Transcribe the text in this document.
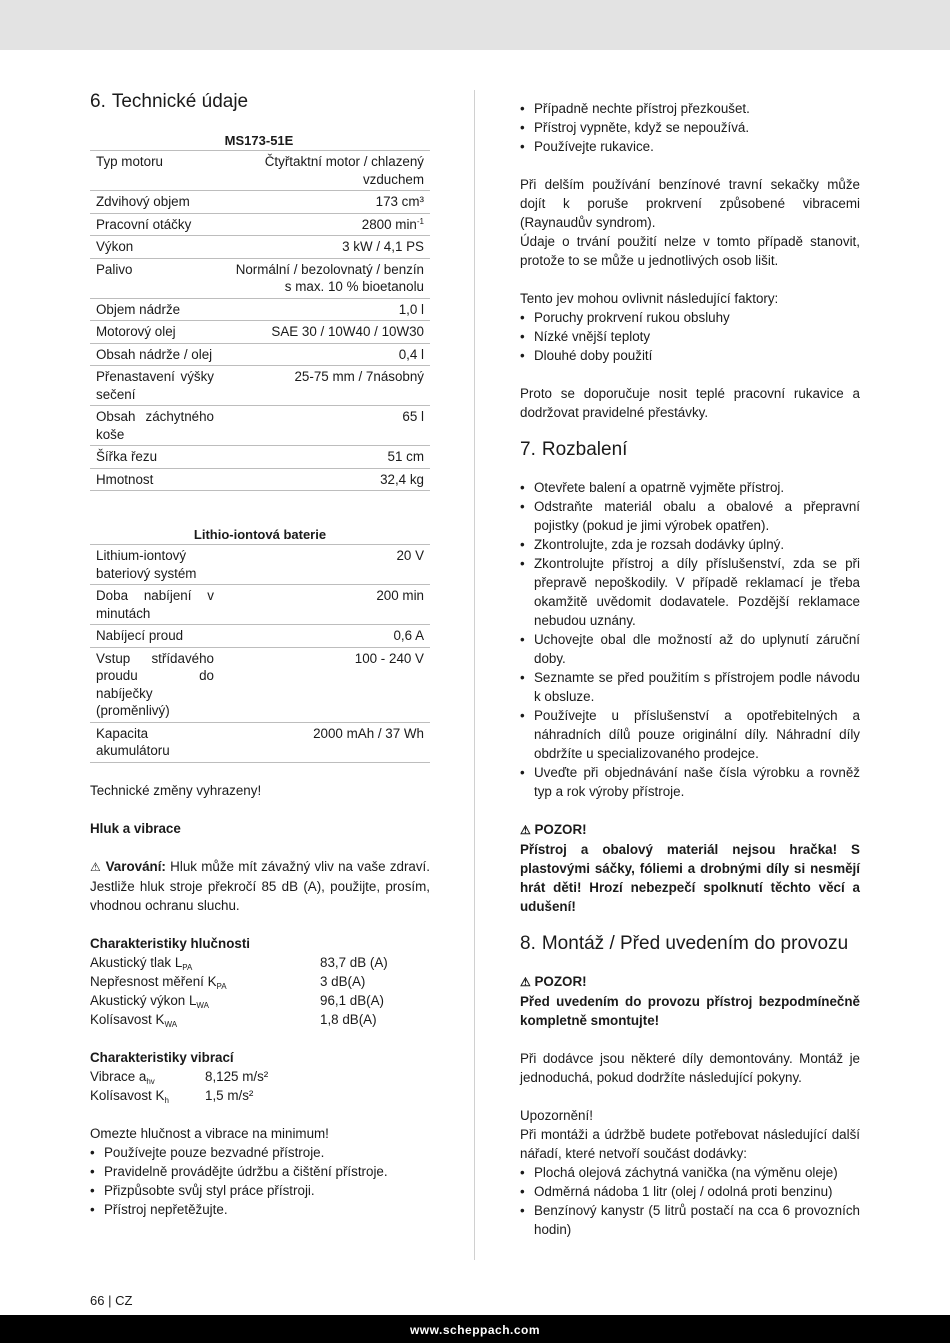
6. Technické údaje
MS173-51E
Typ motoru	Čtyřtaktní motor / chlazený vzduchem
Zdvihový objem	173 cm³
Pracovní otáčky	2800 $\min^{-1}$
Výkon	3 kW / 4,1 PS
Palivo	Normální / bezolovnatý / benzín s max. 10 % bioetanolu
Objem nádrže	1,0 l
Motorový olej	SAE 30 / 10W40 / 10W30
Obsah nádrže / olej	0,4 l
Přenastavení výšky sečení	25-75 mm / 7násobný
Obsah záchytného koše	65 l
Šířka řezu	51 cm
Hmotnost	32,4 kg
Lithio-iontová baterie
Lithium-iontový bateriový systém	20 V
Doba nabíjení v minutách	200 min
Nabíjecí proud	0,6 A
Vstup střídavého proudu do nabíječky (proměnlivý)	100 - 240 V
Kapacita akumulátoru	2000 mAh / 37 Wh

Technické změny vyhrazeny!

Hluk a vibrace

⚠ Varování: Hluk může mít závažný vliv na vaše zdraví. Jestliže hluk stroje překročí 85 dB (A), použijte, prosím, vhodnou ochranu sluchu.

Charakteristiky hlučnosti

Akustický tlak $L_{PA}$	83,7 dB (A)
Nepřesnost měření $K_{PA}$	3 dB(A)
Akustický výkon $L_{WA}$	96,1 dB(A)
Kolísavost $K_{WA}$	1,8 dB(A)

Charakteristiky vibrací

Vibrace $a_{hv}$	8,125 m/s²
Kolísavost $K_h$	1,5 m/s²

Omezte hlučnost a vibrace na minimum!

• Používejte pouze bezvadné přístroje.
• Pravidelně provádějte údržbu a čištění přístroje.
• Přizpůsobte svůj styl práce přístroji.
• Přístroj nepřetěžujte.
• Případně nechte přístroj přezkoušet.
• Přístroj vypněte, když se nepoužívá.
• Používejte rukavice.

Při delším používání benzínové travní sekačky může dojít k poruše prokrvení způsobené vibracemi (Raynaudův syndrom).

Údaje o trvání použití nelze v tomto případě stanovit, protože to se může u jednotlivých osob lišit.

Tento jev mohou ovlivnit následující faktory:

• Poruchy prokrvení rukou obsluhy
• Nízké vnější teploty
• Dlouhé doby použití

Proto se doporučuje nosit teplé pracovní rukavice a dodržovat pravidelné přestávky.

7. Rozbalení
• Otevřete balení a opatrně vyjměte přístroj.
• Odstraňte materiál obalu a obalové a přepravní pojistky (pokud je jimi výrobek opatřen).
• Zkontrolujte, zda je rozsah dodávky úplný.
• Zkontrolujte přístroj a díly příslušenství, zda se při přepravě nepoškodily. V případě reklamací je třeba okamžitě uvědomit dodavatele. Pozdější reklamace nebudou uznány.
• Uchovejte obal dle možností až do uplynutí záruční doby.
• Seznamte se před použitím s přístrojem podle návodu k obsluze.
• Používejte u příslušenství a opotřebitelných a náhradních dílů pouze originální díly. Náhradní díly obdržíte u specializovaného prodejce.
• Uveďte při objednávání naše čísla výrobku a rovněž typ a rok výroby přístroje.

⚠ POZOR!

Přístroj a obalový materiál nejsou hračka! S plastovými sáčky, fóliemi a drobnými díly si nesmějí hrát děti! Hrozí nebezpečí spolknutí těchto věcí a udušení!

8. Montáž / Před uvedením do provozu

⚠ POZOR!

Před uvedením do provozu přístroj bezpodmínečně kompletně smontujte!

Při dodávce jsou některé díly demontovány. Montáž je jednoduchá, pokud dodržíte následující pokyny.

Upozornění!

Při montáži a údržbě budete potřebovat následující další nářadí, které netvoří součást dodávky:

• Plochá olejová záchytná vanička (na výměnu oleje)
• Odměrná nádoba 1 litr (olej / odolná proti benzinu)
• Benzínový kanystr (5 litrů postačí na cca 6 provozních hodin)
66 | CZ
www.scheppach.com
